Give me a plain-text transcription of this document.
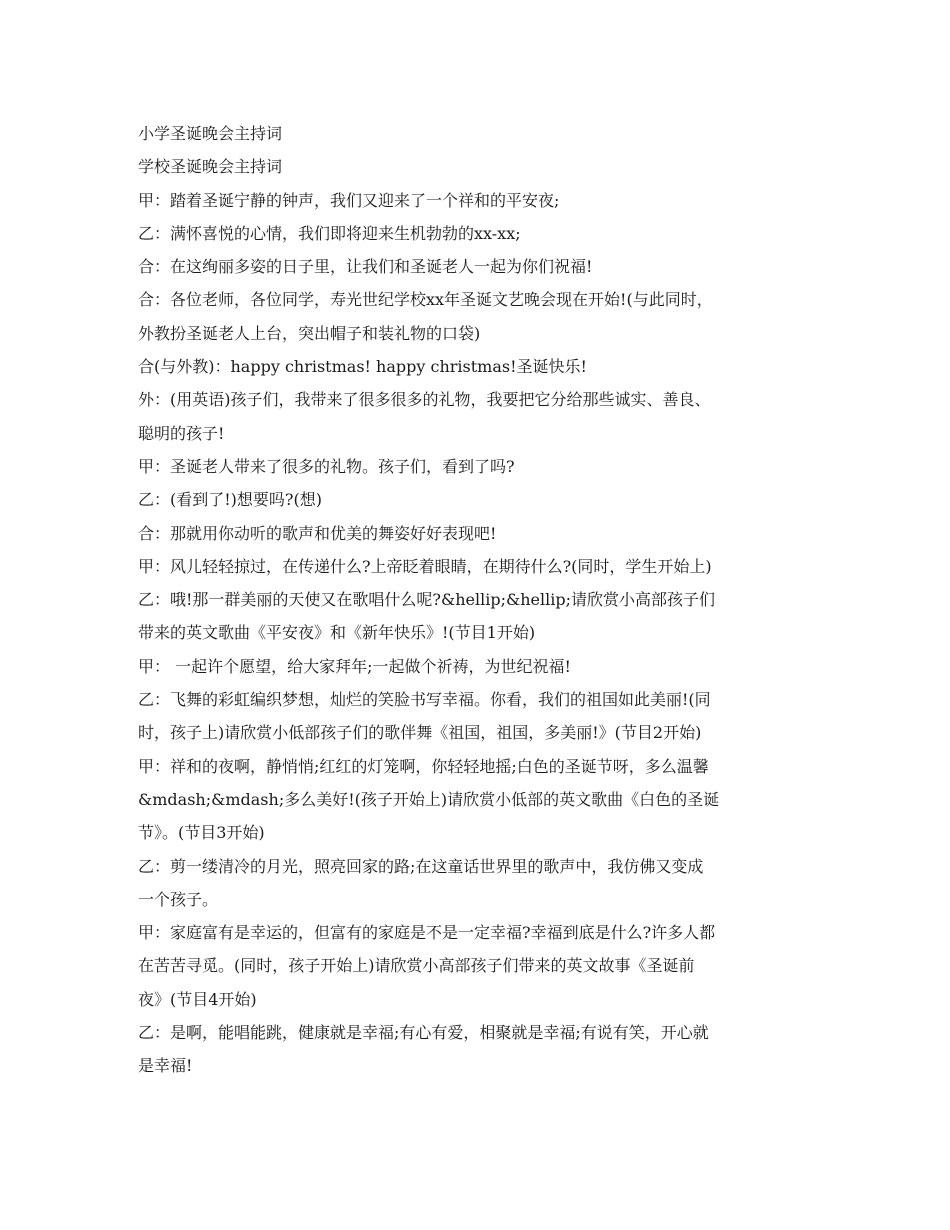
小学圣诞晚会主持词
学校圣诞晚会主持词
甲：踏着圣诞宁静的钟声，我们又迎来了一个祥和的平安夜;
乙：满怀喜悦的心情，我们即将迎来生机勃勃的xx-xx;
合：在这绚丽多姿的日子里，让我们和圣诞老人一起为你们祝福!
合：各位老师，各位同学，寿光世纪学校xx年圣诞文艺晚会现在开始!(与此同时，
外教扮圣诞老人上台，突出帽子和装礼物的口袋)
合(与外教)：happy christmas! happy christmas!圣诞快乐!
外：(用英语)孩子们，我带来了很多很多的礼物，我要把它分给那些诚实、善良、
聪明的孩子!
甲：圣诞老人带来了很多的礼物。孩子们，看到了吗?
乙：(看到了!)想要吗?(想)
合：那就用你动听的歌声和优美的舞姿好好表现吧!
甲：风儿轻轻掠过，在传递什么?上帝眨着眼睛，在期待什么?(同时，学生开始上)
乙：哦!那一群美丽的天使又在歌唱什么呢?&hellip;&hellip;请欣赏小高部孩子们
带来的英文歌曲《平安夜》和《新年快乐》!(节目1开始)
甲： 一起许个愿望，给大家拜年;一起做个祈祷，为世纪祝福!
乙：飞舞的彩虹编织梦想，灿烂的笑脸书写幸福。你看，我们的祖国如此美丽!(同
时，孩子上)请欣赏小低部孩子们的歌伴舞《祖国，祖国，多美丽!》(节目2开始)
甲：祥和的夜啊，静悄悄;红红的灯笼啊，你轻轻地摇;白色的圣诞节呀，多么温馨
&mdash;&mdash;多么美好!(孩子开始上)请欣赏小低部的英文歌曲《白色的圣诞
节》。(节目3开始)
乙：剪一缕清冷的月光，照亮回家的路;在这童话世界里的歌声中，我仿佛又变成
一个孩子。
甲：家庭富有是幸运的，但富有的家庭是不是一定幸福?幸福到底是什么?许多人都
在苦苦寻觅。(同时，孩子开始上)请欣赏小高部孩子们带来的英文故事《圣诞前
夜》(节目4开始)
乙：是啊，能唱能跳，健康就是幸福;有心有爱，相聚就是幸福;有说有笑，开心就
是幸福!
